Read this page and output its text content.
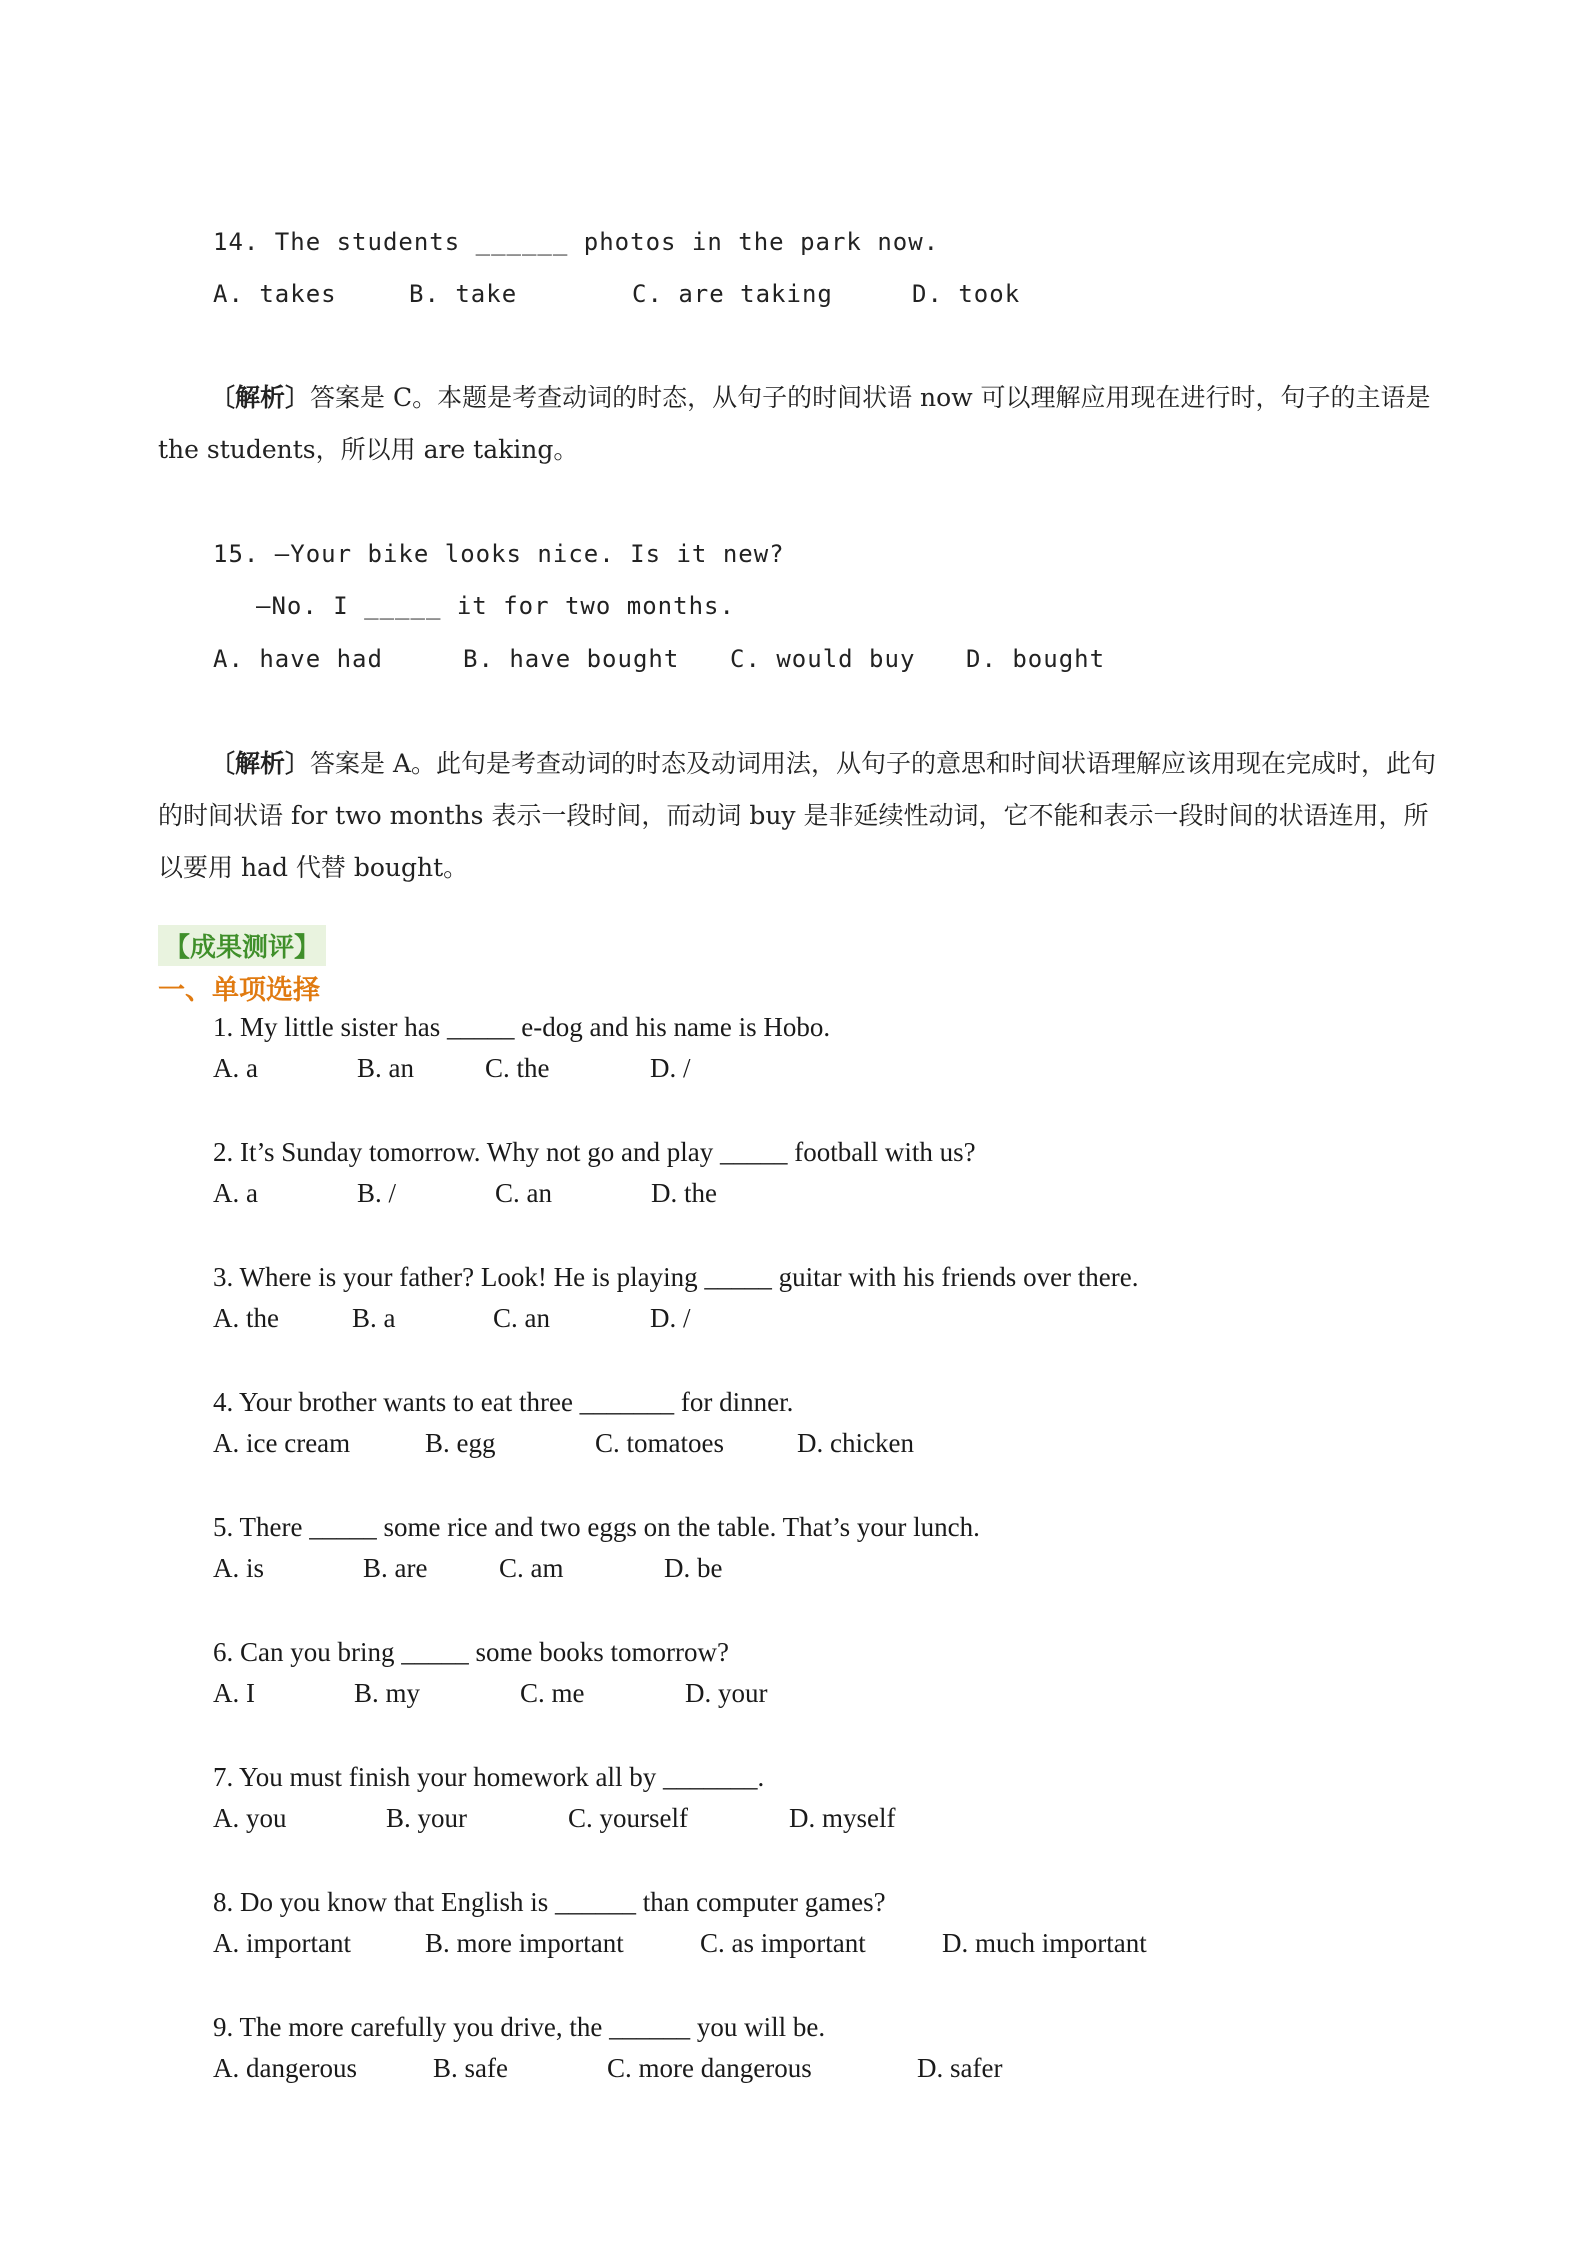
14. The students ______ photos in the park now.
A. takes	B. take	C. are taking	D. took
〔解析〕答案是 C。本题是考查动词的时态，从句子的时间状语 now 可以理解应用现在进行时，句子的主语是 the students，所以用 are taking。
15. —Your bike looks nice. Is it new?
—No. I _____ it for two months.
A. have had	B. have bought C. would buy D. bought
〔解析〕答案是 A。此句是考查动词的时态及动词用法，从句子的意思和时间状语理解应该用现在完成时，此句的时间状语 for two months 表示一段时间，而动词 buy 是非延续性动词，它不能和表示一段时间的状语连用，所以要用 had 代替 bought。
【成果测评】
一、单项选择
1. My little sister has _____ e-dog and his name is Hobo.
A. a	B. an	C. the	D. /
2. It’s Sunday tomorrow. Why not go and play _____ football with us?
A. a	B. /	C. an	D. the
3. Where is your father? Look! He is playing _____ guitar with his friends over there.
A. the	B. a	C. an	D. /
4. Your brother wants to eat three _______ for dinner.
A. ice cream	B. egg	C. tomatoes	D. chicken
5. There _____ some rice and two eggs on the table. That’s your lunch.
A. is	B. are	C. am	D. be
6. Can you bring _____ some books tomorrow?
A. I	B. my	C. me	D. your
7. You must finish your homework all by _______.
A. you	B. your	C. yourself	D. myself
8. Do you know that English is ______ than computer games?
A. important	B. more important	C. as important	D. much important
9. The more carefully you drive, the ______ you will be.
A. dangerous	B. safe	C. more dangerous	D. safer
